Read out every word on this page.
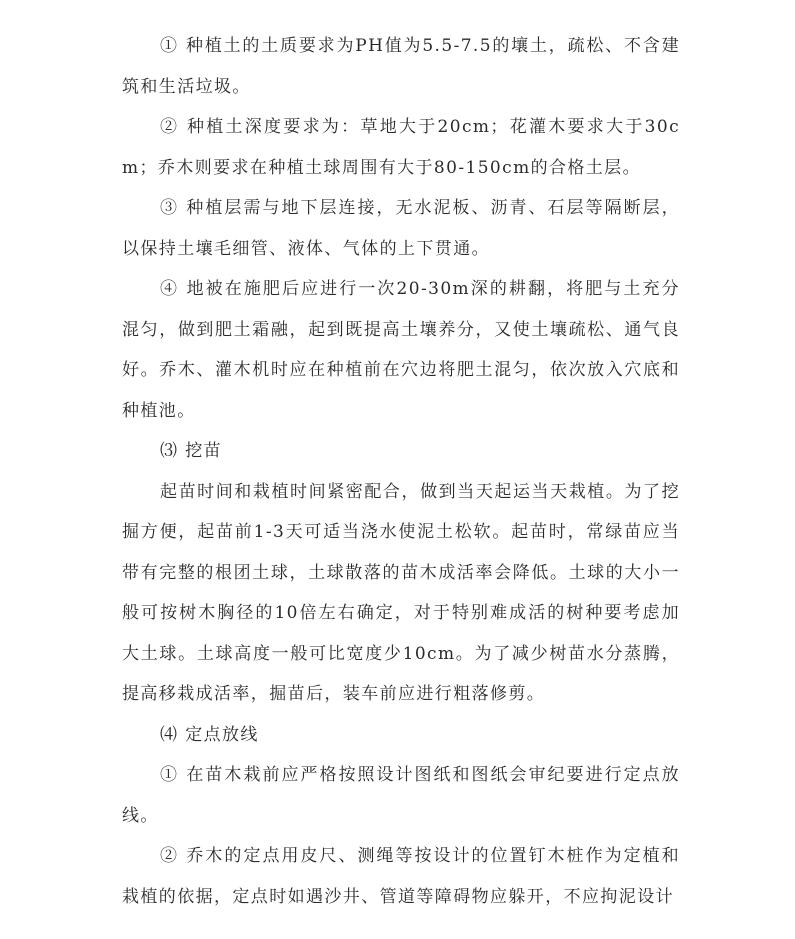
① 种植土的土质要求为PH值为5.5-7.5的壤土，疏松、不含建筑和生活垃圾。

② 种植土深度要求为：草地大于20cm；花灌木要求大于30cm；乔木则要求在种植土球周围有大于80-150cm的合格土层。

③ 种植层需与地下层连接，无水泥板、沥青、石层等隔断层，以保持土壤毛细管、液体、气体的上下贯通。

④ 地被在施肥后应进行一次20-30m深的耕翻，将肥与土充分混匀，做到肥土霜融，起到既提高土壤养分，又使土壤疏松、通气良好。乔木、灌木机时应在种植前在穴边将肥土混匀，依次放入穴底和种植池。

⑶ 挖苗

起苗时间和栽植时间紧密配合，做到当天起运当天栽植。为了挖掘方便，起苗前1-3天可适当浇水使泥土松软。起苗时，常绿苗应当带有完整的根团土球，土球散落的苗木成活率会降低。土球的大小一般可按树木胸径的10倍左右确定，对于特别难成活的树种要考虑加大土球。土球高度一般可比宽度少10cm。为了减少树苗水分蒸腾，提高移栽成活率，掘苗后，装车前应进行粗落修剪。

⑷ 定点放线

① 在苗木栽前应严格按照设计图纸和图纸会审纪要进行定点放线。

② 乔木的定点用皮尺、测绳等按设计的位置钉木桩作为定植和栽植的依据，定点时如遇沙井、管道等障碍物应躲开，不应拘泥设计
